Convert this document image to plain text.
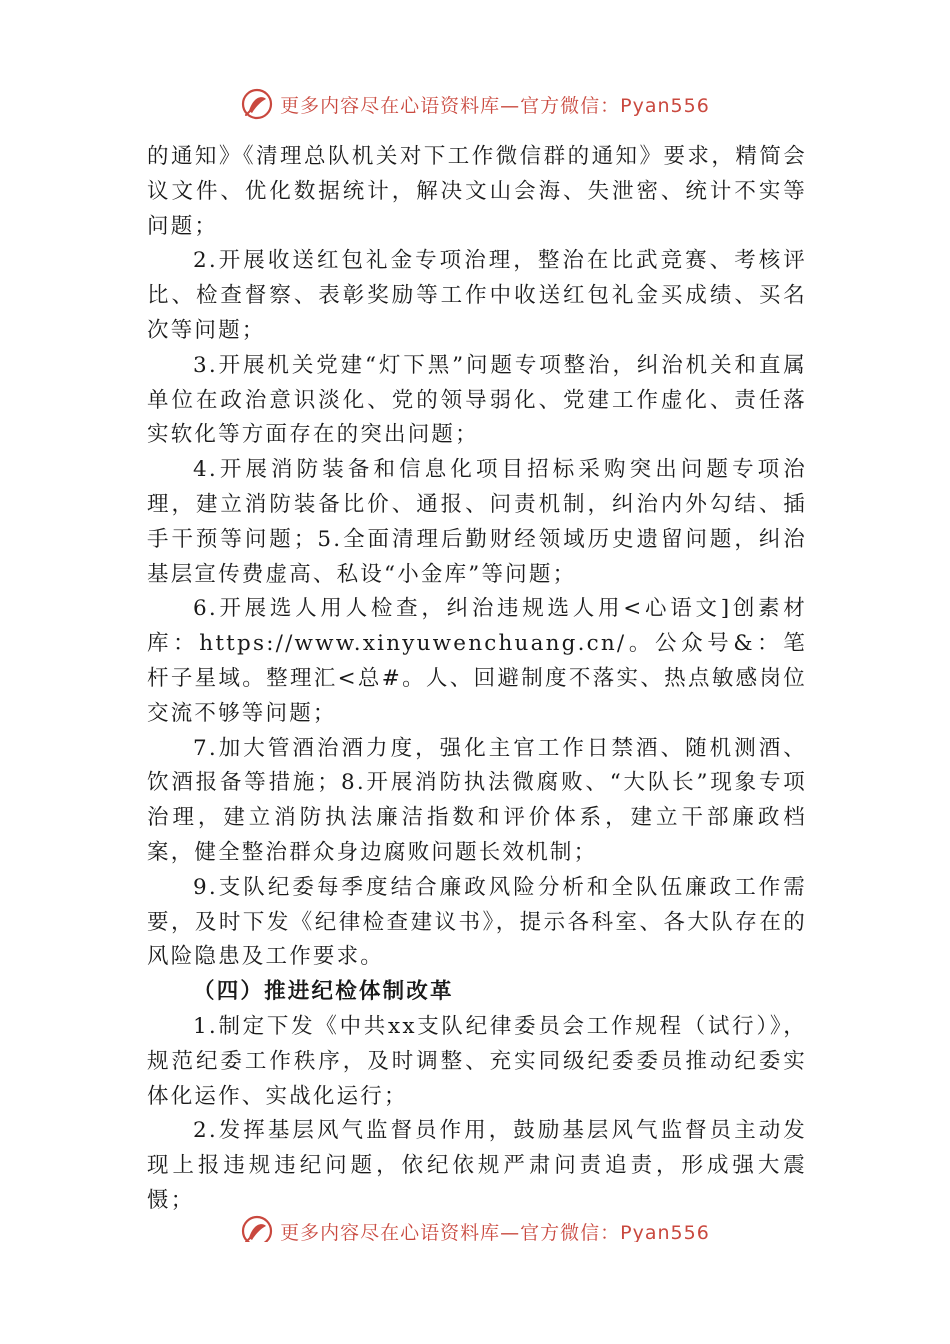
更多内容尽在心语资料库—官方微信：Pyan556

的通知》《清理总队机关对下工作微信群的通知》要求，精简会议文件、优化数据统计，解决文山会海、失泄密、统计不实等问题；

2.开展收送红包礼金专项治理，整治在比武竞赛、考核评比、检查督察、表彰奖励等工作中收送红包礼金买成绩、买名次等问题；

3.开展机关党建“灯下黑”问题专项整治，纠治机关和直属单位在政治意识淡化、党的领导弱化、党建工作虚化、责任落实软化等方面存在的突出问题；

4.开展消防装备和信息化项目招标采购突出问题专项治理，建立消防装备比价、通报、问责机制，纠治内外勾结、插手干预等问题；5.全面清理后勤财经领域历史遗留问题，纠治基层宣传费虚高、私设“小金库”等问题；

6.开展选人用人检查，纠治违规选人用<心语文]创素材库：https://www.xinyuwenchuang.cn/。公众号&：笔杆子星域。整理汇<总#。人、回避制度不落实、热点敏感岗位交流不够等问题；

7.加大管酒治酒力度，强化主官工作日禁酒、随机测酒、饮酒报备等措施；8.开展消防执法微腐败、“大队长”现象专项治理，建立消防执法廉洁指数和评价体系，建立干部廉政档案，健全整治群众身边腐败问题长效机制；

9.支队纪委每季度结合廉政风险分析和全队伍廉政工作需要，及时下发《纪律检查建议书》，提示各科室、各大队存在的风险隐患及工作要求。

（四）推进纪检体制改革

1.制定下发《中共xx支队纪律委员会工作规程（试行）》，规范纪委工作秩序，及时调整、充实同级纪委委员推动纪委实体化运作、实战化运行；

2.发挥基层风气监督员作用，鼓励基层风气监督员主动发现上报违规违纪问题，依纪依规严肃问责追责，形成强大震慑；

更多内容尽在心语资料库—官方微信：Pyan556
